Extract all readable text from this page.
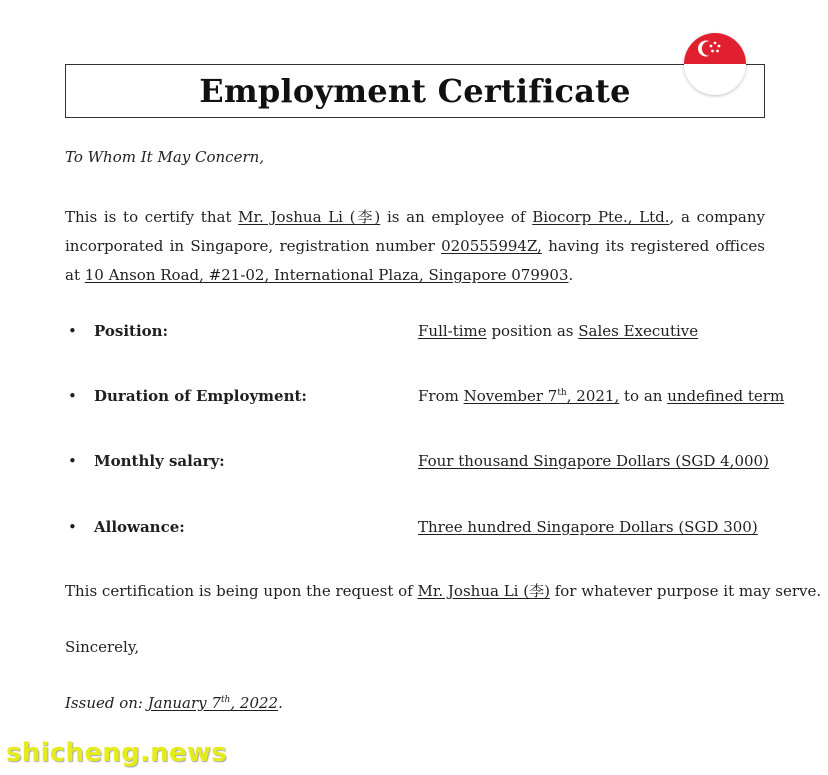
Employment Certificate

To Whom It May Concern,

This is to certify that Mr. Joshua Li (李) is an employee of Biocorp Pte., Ltd., a company incorporated in Singapore, registration number 020555994Z, having its registered offices at 10 Anson Road, #21-02, International Plaza, Singapore 079903.

• Position:	Full-time position as Sales Executive
• Duration of Employment:	From November 7th, 2021, to an undefined term
• Monthly salary:	Four thousand Singapore Dollars (SGD 4,000)
• Allowance:	Three hundred Singapore Dollars (SGD 300)

This certification is being upon the request of Mr. Joshua Li (李) for whatever purpose it may serve.

Sincerely,

Issued on: January 7th, 2022.

shicheng.news
